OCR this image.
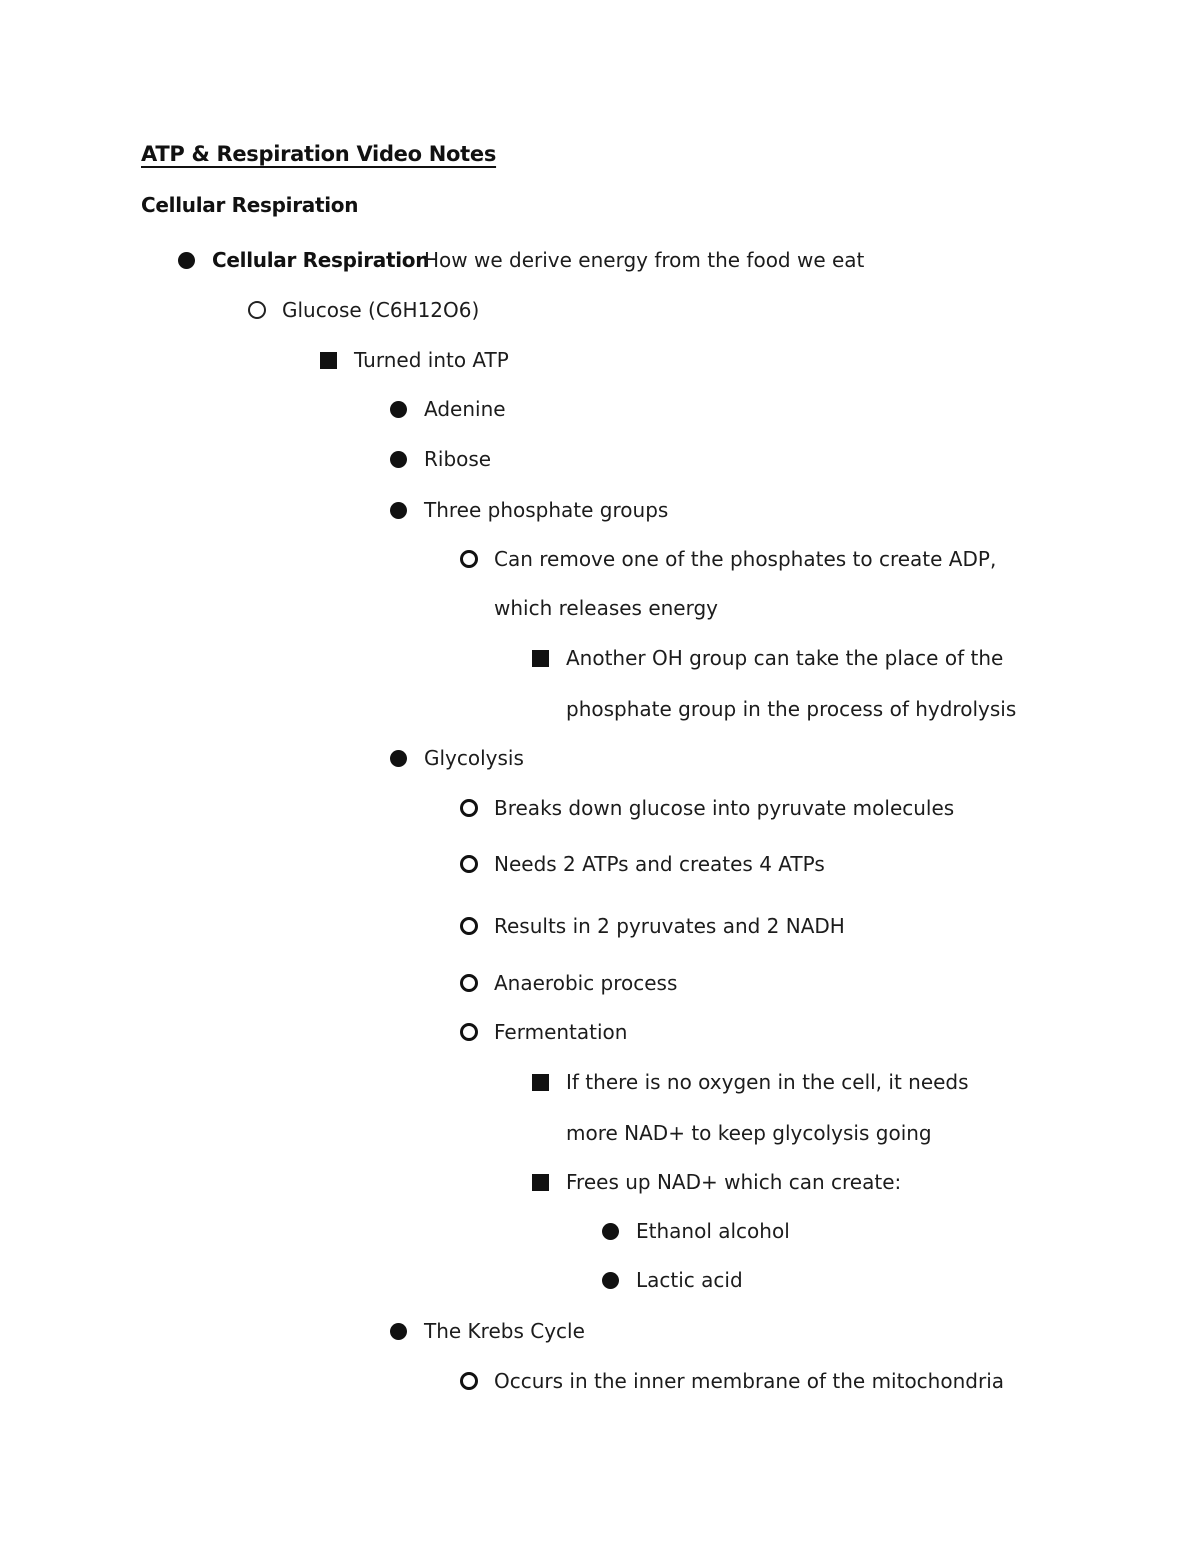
ATP & Respiration Video Notes
Cellular Respiration
Cellular Respiration
How we derive energy from the food we eat
Glucose (C6H12O6)
Turned into ATP
Adenine
Ribose
Three phosphate groups
Can remove one of the phosphates to create ADP,
which releases energy
Another OH group can take the place of the
phosphate group in the process of hydrolysis
Glycolysis
Breaks down glucose into pyruvate molecules
Needs 2 ATPs and creates 4 ATPs
Results in 2 pyruvates and 2 NADH
Anaerobic process
Fermentation
If there is no oxygen in the cell, it needs
more NAD+ to keep glycolysis going
Frees up NAD+ which can create:
Ethanol alcohol
Lactic acid
The Krebs Cycle
Occurs in the inner membrane of the mitochondria
